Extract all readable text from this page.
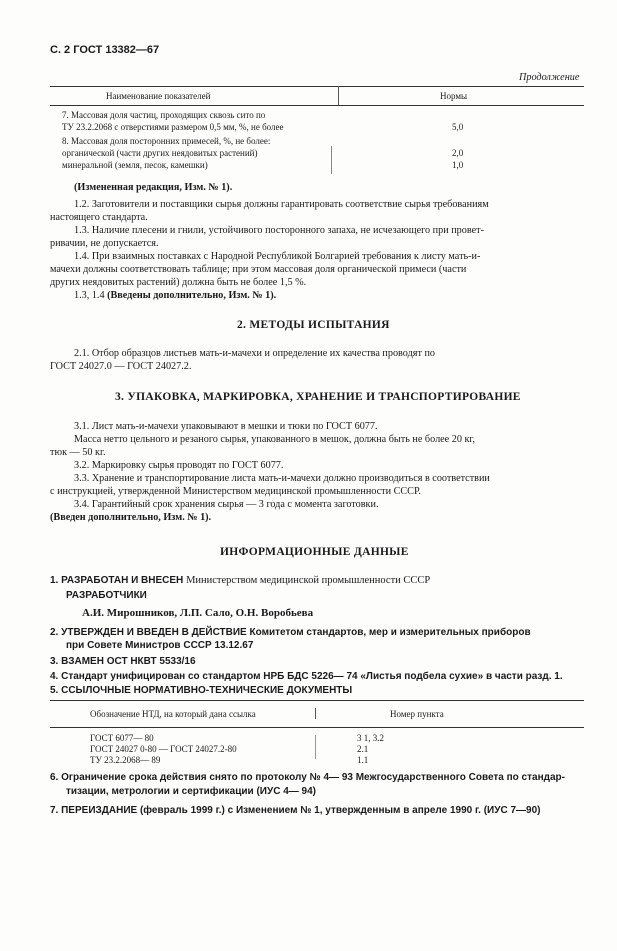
С. 2 ГОСТ 13382—67
Продолжение
Наименование показателей	Нормы
7. Массовая доля частиц, проходящих сквозь сито по
ТУ 23.2.2068 с отверстиями размером 0,5 мм, %, не более	5,0
8. Массовая доля посторонних примесей, %, не более:
органической (части других неядовитых растений)	2,0
минеральной (земля, песок, камешки)	1,0
(Измененная редакция, Изм. № 1).
1.2. Заготовители и поставщики сырья должны гарантировать соответствие сырья требованиям
настоящего стандарта.
1.3. Наличие плесени и гнили, устойчивого посторонного запаха, не исчезающего при провет-
ривачии, не допускается.
1.4. При взаимных поставках с Народной Республикой Болгарией требования к листу мать-и-
мачехи должны соответствовать таблице; при этом массовая доля органической примеси (части
других неядовитых растений) должна быть не более 1,5 %.
1.3, 1.4 (Введены дополнительно, Изм. № 1).
2. МЕТОДЫ ИСПЫТАНИЯ
2.1. Отбор образцов листьев мать-и-мачехи и определение их качества проводят по
ГОСТ 24027.0 — ГОСТ 24027.2.
3. УПАКОВКА, МАРКИРОВКА, ХРАНЕНИЕ И ТРАНСПОРТИРОВАНИЕ
3.1. Лист мать-и-мачехи упаковывают в мешки и тюки по ГОСТ 6077.
Масса нетто цельного и резаного сырья, упакованного в мешок, должна быть не более 20 кг,
тюк — 50 кг.
3.2. Маркировку сырья проводят по ГОСТ 6077.
3.3. Хранение и транспортирование листа мать-и-мачехи должно производиться в соответствии
с инструкцией, утвержденной Министерством медицинской промышленности СССР.
3.4. Гарантийный срок хранения сырья — 3 года с момента заготовки.
(Введен дополнительно, Изм. № 1).
ИНФОРМАЦИОННЫЕ ДАННЫЕ
1. РАЗРАБОТАН И ВНЕСЕН Министерством медицинской промышленности СССР
РАЗРАБОТЧИКИ
А.И. Мирошников, Л.П. Сало, О.Н. Воробьева
2. УТВЕРЖДЕН И ВВЕДЕН В ДЕЙСТВИЕ Комитетом стандартов, мер и измерительных приборов
при Совете Министров СССР 13.12.67
3. ВЗАМЕН ОСТ НКВТ 5533/16
4. Стандарт унифицирован со стандартом НРБ БДС 5226— 74 «Листья подбела сухие» в части разд. 1.
5. ССЫЛОЧНЫЕ НОРМАТИВНО-ТЕХНИЧЕСКИЕ ДОКУМЕНТЫ
Обозначение НТД, на который дана ссылка	Номер пункта
ГОСТ 6077— 80	3 1, 3.2
ГОСТ 24027 0-80 — ГОСТ 24027.2-80	2.1
ТУ 23.2.2068— 89	1.1
6. Ограничение срока действия снято по протоколу № 4— 93 Межгосударственного Совета по стандар-
тизации, метрологии и сертификации (ИУС 4— 94)
7. ПЕРЕИЗДАНИЕ (февраль 1999 г.) с Изменением № 1, утвержденным в апреле 1990 г. (ИУС 7—90)
